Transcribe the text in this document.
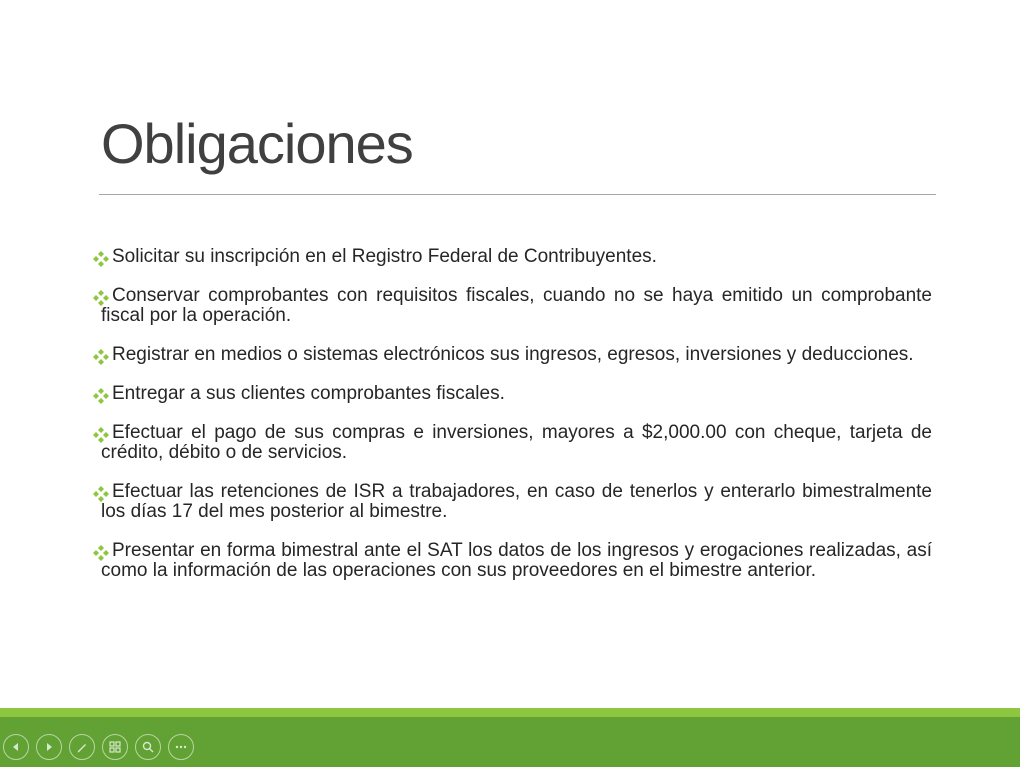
Obligaciones
Solicitar su inscripción en el Registro Federal de Contribuyentes.
Conservar comprobantes con requisitos fiscales, cuando no se haya emitido un comprobante fiscal por la operación.
Registrar en medios o sistemas electrónicos sus ingresos, egresos, inversiones y deducciones.
Entregar a sus clientes comprobantes fiscales.
Efectuar el pago de sus compras e inversiones, mayores a $2,000.00 con cheque, tarjeta de crédito, débito o de servicios.
Efectuar las retenciones de ISR a trabajadores, en caso de tenerlos y enterarlo bimestralmente los días 17 del mes posterior al bimestre.
Presentar en forma bimestral ante el SAT los datos de los ingresos y erogaciones realizadas, así como la información de las operaciones con sus proveedores en el bimestre anterior.
